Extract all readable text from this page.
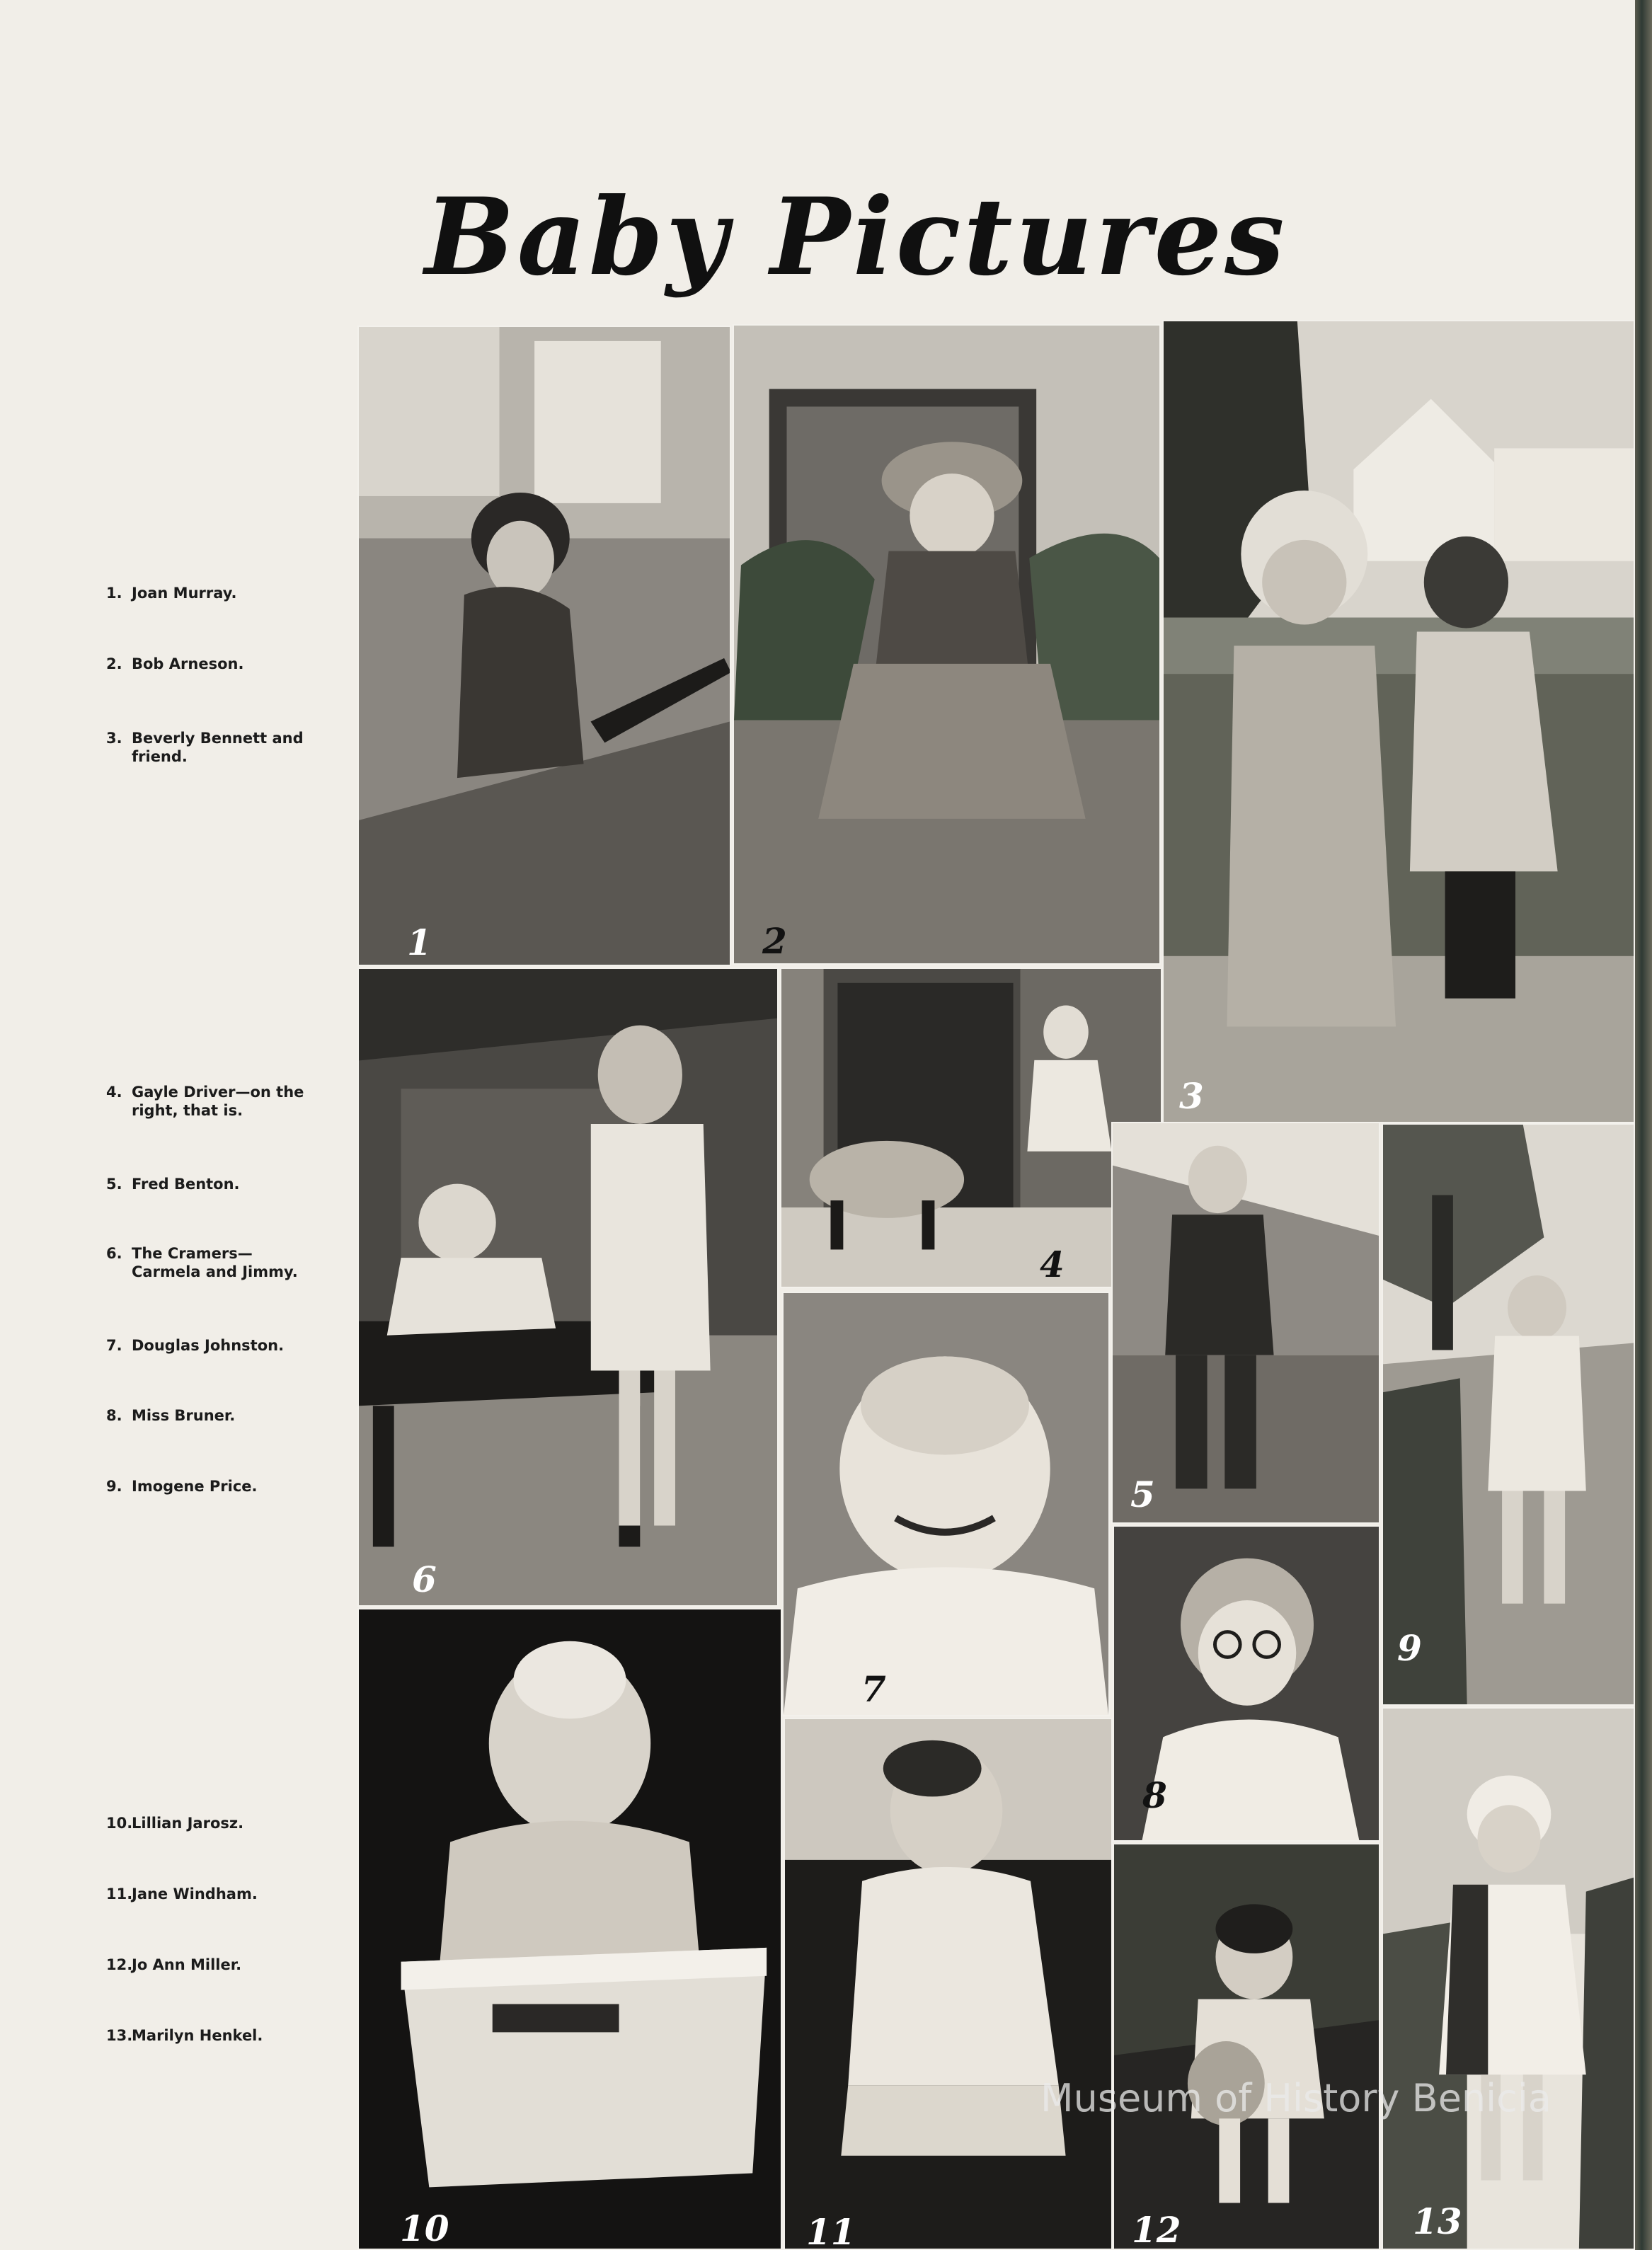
Baby Pictures
1. Joan Murray.
2. Bob Arneson.
3. Beverly Bennett and
friend.
4. Gayle Driver—on the
right, that is.
5. Fred Benton.
6. The Cramers—
Carmela and Jimmy.
7. Douglas Johnston.
8. Miss Bruner.
9. Imogene Price.
10.Lillian Jarosz.
11.Jane Windham.
12.Jo Ann Miller.
13.Marilyn Henkel.
1	2
3
6
4
5
9
7
8
10	11	12	13
Museum of History Benicia
